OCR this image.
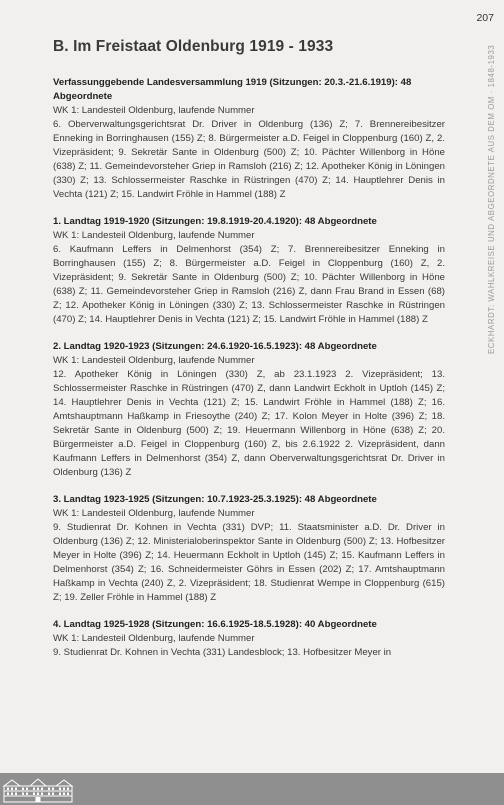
207
ECKHARDT: WAHLKREISE UND ABGEORDNETE AUS DEM OM · 1848-1933
B. Im Freistaat Oldenburg 1919 - 1933
Verfassunggebende Landesversammlung 1919 (Sitzungen: 20.3.-21.6.1919): 48 Abgeordnete
WK 1: Landesteil Oldenburg, laufende Nummer
6. Oberverwaltungsgerichtsrat Dr. Driver in Oldenburg (136) Z; 7. Brennereibesitzer Enneking in Borringhausen (155) Z; 8. Bürgermeister a.D. Feigel in Cloppenburg (160) Z, 2. Vizepräsident; 9. Sekretär Sante in Oldenburg (500) Z; 10. Pächter Willenborg in Höne (638) Z; 11. Gemeindevorsteher Griep in Ramsloh (216) Z; 12. Apotheker König in Löningen (330) Z; 13. Schlossermeister Raschke in Rüstringen (470) Z; 14. Hauptlehrer Denis in Vechta (121) Z; 15. Landwirt Fröhle in Hammel (188) Z
1. Landtag 1919-1920 (Sitzungen: 19.8.1919-20.4.1920): 48 Abgeordnete
WK 1: Landesteil Oldenburg, laufende Nummer
6. Kaufmann Leffers in Delmenhorst (354) Z; 7. Brennereibesitzer Enneking in Borringhausen (155) Z; 8. Bürgermeister a.D. Feigel in Cloppenburg (160) Z, 2. Vizepräsident; 9. Sekretär Sante in Oldenburg (500) Z; 10. Pächter Willenborg in Höne (638) Z; 11. Gemeindevorsteher Griep in Ramsloh (216) Z, dann Frau Brand in Essen (68) Z; 12. Apotheker König in Löningen (330) Z; 13. Schlossermeister Raschke in Rüstringen (470) Z; 14. Hauptlehrer Denis in Vechta (121) Z; 15. Landwirt Fröhle in Hammel (188) Z
2. Landtag 1920-1923 (Sitzungen: 24.6.1920-16.5.1923): 48 Abgeordnete
WK 1: Landesteil Oldenburg, laufende Nummer
12. Apotheker König in Löningen (330) Z, ab 23.1.1923 2. Vizepräsident; 13. Schlossermeister Raschke in Rüstringen (470) Z, dann Landwirt Eckholt in Uptloh (145) Z; 14. Hauptlehrer Denis in Vechta (121) Z; 15. Landwirt Fröhle in Hammel (188) Z; 16. Amtshauptmann Haßkamp in Friesoythe (240) Z; 17. Kolon Meyer in Holte (396) Z; 18. Sekretär Sante in Oldenburg (500) Z; 19. Heuermann Willenborg in Höne (638) Z; 20. Bürgermeister a.D. Feigel in Cloppenburg (160) Z, bis 2.6.1922 2. Vizepräsident, dann Kaufmann Leffers in Delmenhorst (354) Z, dann Oberverwaltungsgerichtsrat Dr. Driver in Oldenburg (136) Z
3. Landtag 1923-1925 (Sitzungen: 10.7.1923-25.3.1925): 48 Abgeordnete
WK 1: Landesteil Oldenburg, laufende Nummer
9. Studienrat Dr. Kohnen in Vechta (331) DVP; 11. Staatsminister a.D. Dr. Driver in Oldenburg (136) Z; 12. Ministerialoberinspektor Sante in Oldenburg (500) Z; 13. Hofbesitzer Meyer in Holte (396) Z; 14. Heuermann Eckholt in Uptloh (145) Z; 15. Kaufmann Leffers in Delmenhorst (354) Z; 16. Schneidermeister Göhrs in Essen (202) Z; 17. Amtshauptmann Haßkamp in Vechta (240) Z, 2. Vizepräsident; 18. Studienrat Wempe in Cloppenburg (615) Z; 19. Zeller Fröhle in Hammel (188) Z
4. Landtag 1925-1928 (Sitzungen: 16.6.1925-18.5.1928): 40 Abgeordnete
WK 1: Landesteil Oldenburg, laufende Nummer
9. Studienrat Dr. Kohnen in Vechta (331) Landesblock; 13. Hofbesitzer Meyer in
